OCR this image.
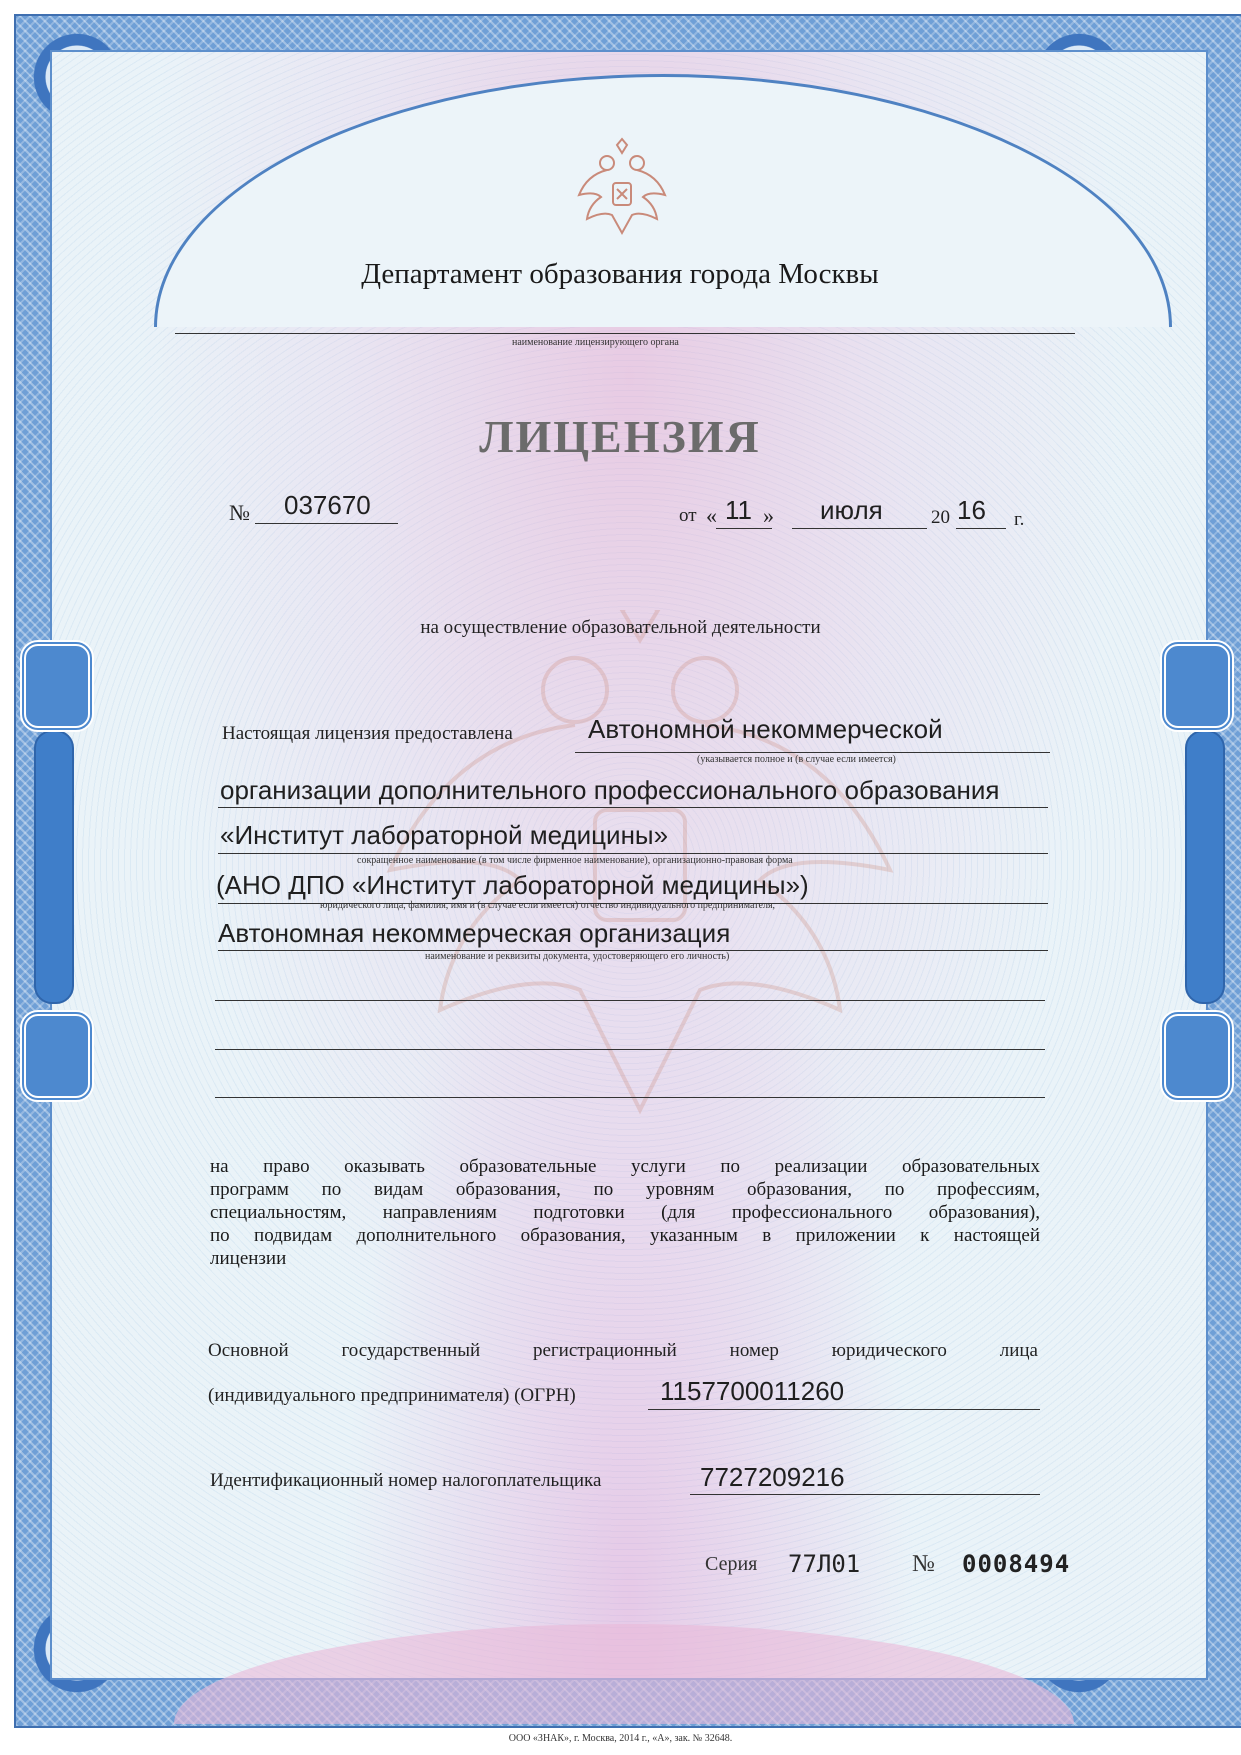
Департамент образования города Москвы
наименование лицензирующего органа
ЛИЦЕНЗИЯ
№ 037670	от « 11 » июля	20 16 г.
на осуществление образовательной деятельности
Настоящая лицензия предоставлена	Автономной некоммерческой
(указывается полное и (в случае если имеется)
организации дополнительного профессионального образования
«Институт лабораторной медицины»
сокращенное наименование (в том числе фирменное наименование), организационно-правовая форма
(АНО ДПО «Институт лабораторной медицины»)
юридического лица, фамилия, имя и (в случае если имеется) отчество индивидуального предпринимателя,
Автономная некоммерческая организация
наименование и реквизиты документа, удостоверяющего его личность)
на право оказывать образовательные услуги по реализации образовательных
программ по видам образования, по уровням образования, по профессиям,
специальностям, направлениям подготовки (для профессионального образования),
по подвидам дополнительного образования, указанным в приложении к настоящей
лицензии
Основной государственный регистрационный номер юридического лица
(индивидуального предпринимателя) (ОГРН)	1157700011260
Идентификационный номер налогоплательщика	7727209216
Серия 77Л01 № 0008494
ООО «ЗНАК», г. Москва, 2014 г., «А», зак. № 32648.
